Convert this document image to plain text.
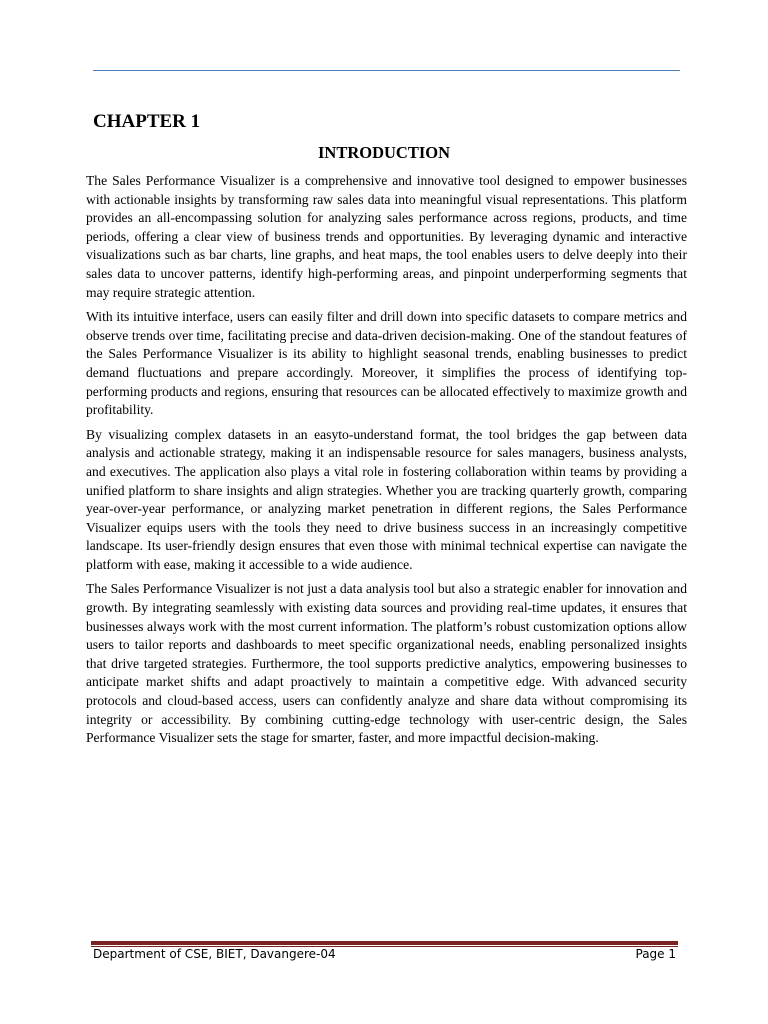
CHAPTER 1
INTRODUCTION

The Sales Performance Visualizer is a comprehensive and innovative tool designed to empower businesses with actionable insights by transforming raw sales data into meaningful visual representations. This platform provides an all-encompassing solution for analyzing sales performance across regions, products, and time periods, offering a clear view of business trends and opportunities. By leveraging dynamic and interactive visualizations such as bar charts, line graphs, and heat maps, the tool enables users to delve deeply into their sales data to uncover patterns, identify high-performing areas, and pinpoint underperforming segments that may require strategic attention.

With its intuitive interface, users can easily filter and drill down into specific datasets to compare metrics and observe trends over time, facilitating precise and data-driven decision-making. One of the standout features of the Sales Performance Visualizer is its ability to highlight seasonal trends, enabling businesses to predict demand fluctuations and prepare accordingly. Moreover, it simplifies the process of identifying top-performing products and regions, ensuring that resources can be allocated effectively to maximize growth and profitability.

By visualizing complex datasets in an easyto-understand format, the tool bridges the gap between data analysis and actionable strategy, making it an indispensable resource for sales managers, business analysts, and executives. The application also plays a vital role in fostering collaboration within teams by providing a unified platform to share insights and align strategies. Whether you are tracking quarterly growth, comparing year-over-year performance, or analyzing market penetration in different regions, the Sales Performance Visualizer equips users with the tools they need to drive business success in an increasingly competitive landscape. Its user-friendly design ensures that even those with minimal technical expertise can navigate the platform with ease, making it accessible to a wide audience.

The Sales Performance Visualizer is not just a data analysis tool but also a strategic enabler for innovation and growth. By integrating seamlessly with existing data sources and providing real-time updates, it ensures that businesses always work with the most current information. The platform’s robust customization options allow users to tailor reports and dashboards to meet specific organizational needs, enabling personalized insights that drive targeted strategies. Furthermore, the tool supports predictive analytics, empowering businesses to anticipate market shifts and adapt proactively to maintain a competitive edge. With advanced security protocols and cloud-based access, users can confidently analyze and share data without compromising its integrity or accessibility. By combining cutting-edge technology with user-centric design, the Sales Performance Visualizer sets the stage for smarter, faster, and more impactful decision-making.

Department of CSE, BIET, Davangere-04	Page 1
